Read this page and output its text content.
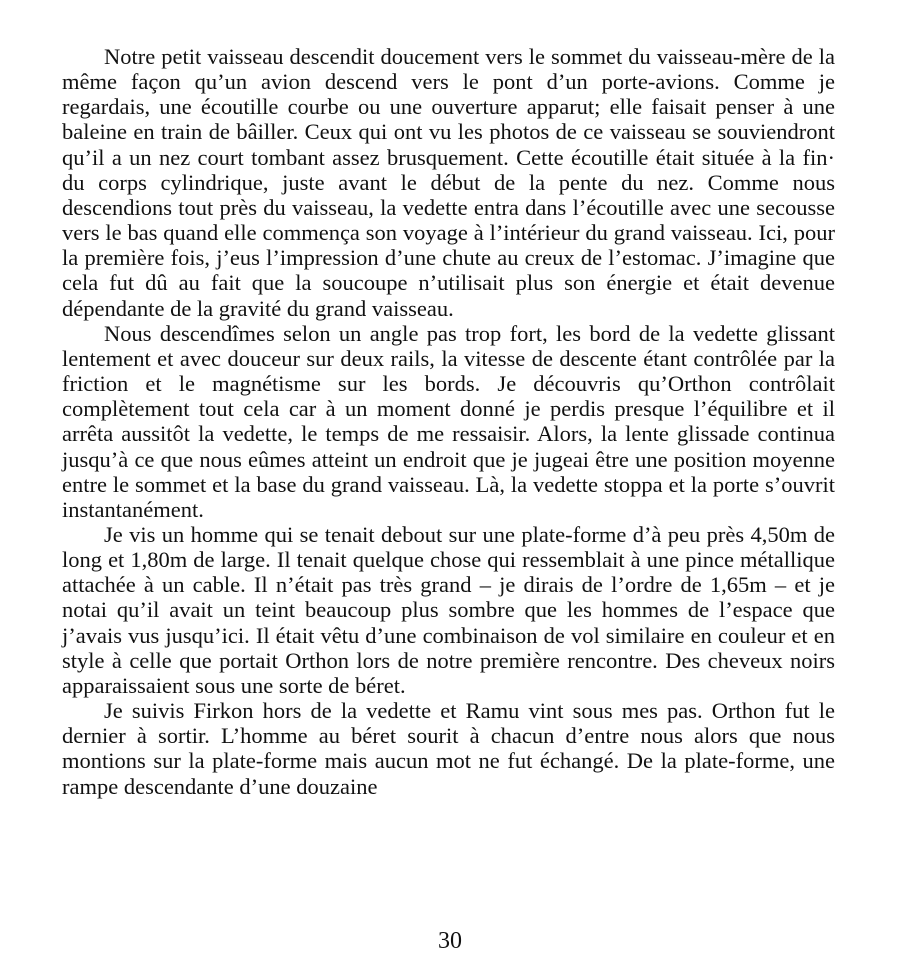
Notre petit vaisseau descendit doucement vers le sommet du vaisseau-mère de la même façon qu’un avion descend vers le pont d’un porte-avions. Comme je regardais, une écoutille courbe ou une ouverture apparut; elle faisait penser à une baleine en train de bâiller. Ceux qui ont vu les photos de ce vaisseau se souviendront qu’il a un nez court tombant assez brusquement. Cette écoutille était située à la fin· du corps cylindrique, juste avant le début de la pente du nez. Comme nous descendions tout près du vaisseau, la vedette entra dans l’écoutille avec une secousse vers le bas quand elle commença son voyage à l’intérieur du grand vaisseau. Ici, pour la première fois, j’eus l’impression d’une chute au creux de l’estomac. J’imagine que cela fut dû au fait que la soucoupe n’utilisait plus son énergie et était devenue dépendante de la gravité du grand vaisseau.

Nous descendîmes selon un angle pas trop fort, les bord de la vedette glissant lentement et avec douceur sur deux rails, la vitesse de descente étant contrôlée par la friction et le magnétisme sur les bords. Je découvris qu’Orthon contrôlait complètement tout cela car à un moment donné je perdis presque l’équilibre et il arrêta aussitôt la vedette, le temps de me ressaisir. Alors, la lente glissade continua jusqu’à ce que nous eûmes atteint un endroit que je jugeai être une position moyenne entre le sommet et la base du grand vaisseau. Là, la vedette stoppa et la porte s’ouvrit instantanément.

Je vis un homme qui se tenait debout sur une plate-forme d’à peu près 4,50m de long et 1,80m de large. Il tenait quelque chose qui ressemblait à une pince métallique attachée à un cable. Il n’était pas très grand – je dirais de l’ordre de 1,65m – et je notai qu’il avait un teint beaucoup plus sombre que les hommes de l’espace que j’avais vus jusqu’ici. Il était vêtu d’une combinaison de vol similaire en couleur et en style à celle que portait Orthon lors de notre première rencontre. Des cheveux noirs apparaissaient sous une sorte de béret.

Je suivis Firkon hors de la vedette et Ramu vint sous mes pas. Orthon fut le dernier à sortir. L’homme au béret sourit à chacun d’entre nous alors que nous montions sur la plate-forme mais aucun mot ne fut échangé. De la plate-forme, une rampe descendante d’une douzaine

30
